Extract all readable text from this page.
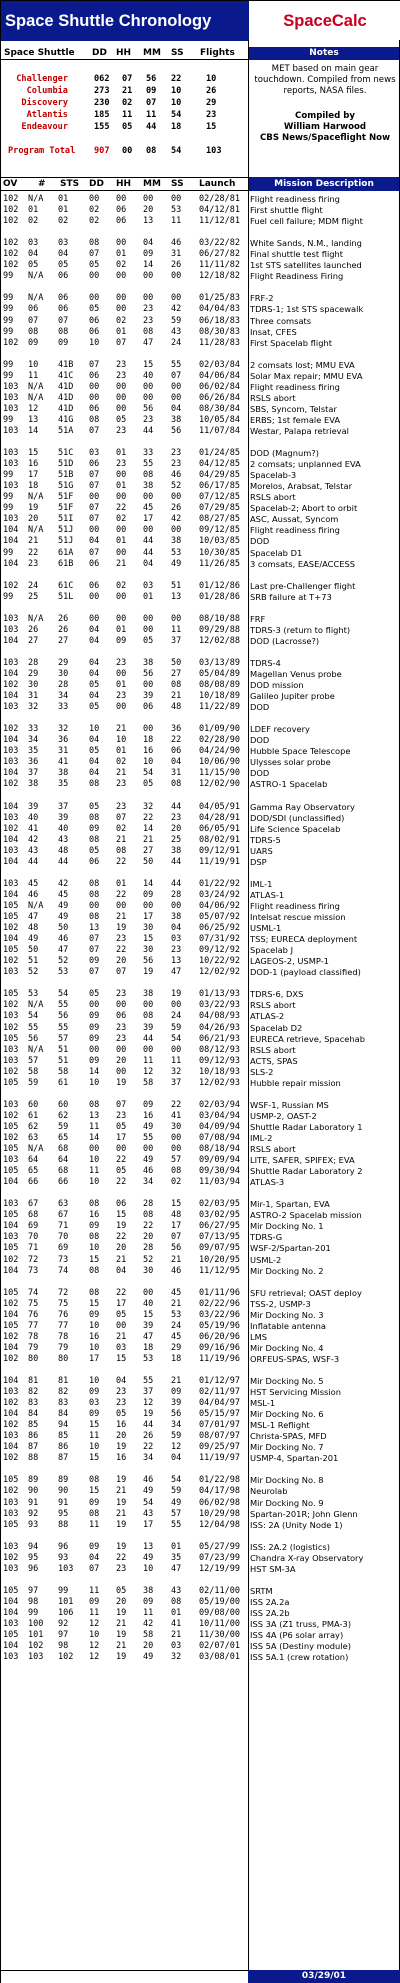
Space Shuttle Chronology	SpaceCalc
Space Shuttle DD HH MM SS Flights	Notes
Challenger	062 07 56 22	10
Columbia	273 21 09 10	26
Discovery	230 02 07 10	29
Atlantis	185 11 11 54	23
Endeavour	155 05 44 18	15
Program Total 907 00 08 54	103
MET based on main gear touchdown. Compiled from news reports, NASA files.
Compiled by
William Harwood
CBS News/Spaceflight Now
OV # STS DD HH MM SS Launch	Mission Description
102 N/A 01 00 00 00 00 02/28/81 Flight readiness firing
102 01 01 02 06 20 53 04/12/81 First shuttle flight
102 02 02 02 06 13 11 11/12/81 Fuel cell failure; MDM flight
102 03 03 08 00 04 46 03/22/82 White Sands, N.M., landing
102 04 04 07 01 09 31 06/27/82 Final shuttle test flight
102 05 05 05 02 14 26 11/11/82 1st STS satellites launched
99 N/A 06 00 00 00 00 12/18/82 Flight Readiness Firing
99 N/A 06 00 00 00 00 01/25/83 FRF-2
99 06 06 05 00 23 42 04/04/83 TDRS-1; 1st STS spacewalk
99 07 07 06 02 23 59 06/18/83 Three comsats
99 08 08 06 01 08 43 08/30/83 Insat, CFES
102 09 09 10 07 47 24 11/28/83 First Spacelab flight
99 10 41B 07 23 15 55 02/03/84 2 comsats lost; MMU EVA
99 11 41C 06 23 40 07 04/06/84 Solar Max repair; MMU EVA
103 N/A 41D 00 00 00 00 06/02/84 Flight readiness firing
103 N/A 41D 00 00 00 00 06/26/84 RSLS abort
103 12 41D 06 00 56 04 08/30/84 SBS, Syncom, Telstar
99 13 41G 08 05 23 38 10/05/84 ERBS; 1st female EVA
103 14 51A 07 23 44 56 11/07/84 Westar, Palapa retrieval
103 15 51C 03 01 33 23 01/24/85 DOD (Magnum?)
103 16 51D 06 23 55 23 04/12/85 2 comsats; unplanned EVA
99 17 51B 07 00 08 46 04/29/85 Spacelab-3
103 18 51G 07 01 38 52 06/17/85 Morelos, Arabsat, Telstar
99 N/A 51F 00 00 00 00 07/12/85 RSLS abort
99 19 51F 07 22 45 26 07/29/85 Spacelab-2; Abort to orbit
103 20 51I 07 02 17 42 08/27/85 ASC, Aussat, Syncom
104 N/A 51J 00 00 00 00 09/12/85 Flight readiness firing
104 21 51J 04 01 44 38 10/03/85 DOD
99 22 61A 07 00 44 53 10/30/85 Spacelab D1
104 23 61B 06 21 04 49 11/26/85 3 comsats, EASE/ACCESS
102 24 61C 06 02 03 51 01/12/86 Last pre-Challenger flight
99 25 51L 00 00 01 13 01/28/86 SRB failure at T+73
103 N/A 26 00 00 00 00 08/10/88 FRF
103 26 26 04 01 00 11 09/29/88 TDRS-3 (return to flight)
104 27 27 04 09 05 37 12/02/88 DOD (Lacrosse?)
103 28 29 04 23 38 50 03/13/89 TDRS-4
104 29 30 04 00 56 27 05/04/89 Magellan Venus probe
102 30 28 05 01 00 08 08/08/89 DOD mission
104 31 34 04 23 39 21 10/18/89 Galileo Jupiter probe
103 32 33 05 00 06 48 11/22/89 DOD
102 33 32 10 21 00 36 01/09/90 LDEF recovery
104 34 36 04 10 18 22 02/28/90 DOD
103 35 31 05 01 16 06 04/24/90 Hubble Space Telescope
103 36 41 04 02 10 04 10/06/90 Ulysses solar probe
104 37 38 04 21 54 31 11/15/90 DOD
102 38 35 08 23 05 08 12/02/90 ASTRO-1 Spacelab
104 39 37 05 23 32 44 04/05/91 Gamma Ray Observatory
103 40 39 08 07 22 23 04/28/91 DOD/SDI (unclassified)
102 41 40 09 02 14 20 06/05/91 Life Science Spacelab
104 42 43 08 21 21 25 08/02/91 TDRS-5
103 43 48 05 08 27 38 09/12/91 UARS
104 44 44 06 22 50 44 11/19/91 DSP
103 45 42 08 01 14 44 01/22/92 IML-1
104 46 45 08 22 09 28 03/24/92 ATLAS-1
105 N/A 49 00 00 00 00 04/06/92 Flight readiness firing
105 47 49 08 21 17 38 05/07/92 Intelsat rescue mission
102 48 50 13 19 30 04 06/25/92 USML-1
104 49 46 07 23 15 03 07/31/92 TSS; EURECA deployment
105 50 47 07 22 30 23 09/12/92 Spacelab J
102 51 52 09 20 56 13 10/22/92 LAGEOS-2, USMP-1
103 52 53 07 07 19 47 12/02/92 DOD-1 (payload classified)
105 53 54 05 23 38 19 01/13/93 TDRS-6, DXS
102 N/A 55 00 00 00 00 03/22/93 RSLS abort
103 54 56 09 06 08 24 04/08/93 ATLAS-2
102 55 55 09 23 39 59 04/26/93 Spacelab D2
105 56 57 09 23 44 54 06/21/93 EURECA retrieve, Spacehab
103 N/A 51 00 00 00 00 08/12/93 RSLS abort
103 57 51 09 20 11 11 09/12/93 ACTS, SPAS
102 58 58 14 00 12 32 10/18/93 SLS-2
105 59 61 10 19 58 37 12/02/93 Hubble repair mission
103 60 60 08 07 09 22 02/03/94 WSF-1, Russian MS
102 61 62 13 23 16 41 03/04/94 USMP-2, OAST-2
105 62 59 11 05 49 30 04/09/94 Shuttle Radar Laboratory 1
102 63 65 14 17 55 00 07/08/94 IML-2
105 N/A 68 00 00 00 00 08/18/94 RSLS abort
103 64 64 10 22 49 57 09/09/94 LITE, SAFER, SPIFEX; EVA
105 65 68 11 05 46 08 09/30/94 Shuttle Radar Laboratory 2
104 66 66 10 22 34 02 11/03/94 ATLAS-3
103 67 63 08 06 28 15 02/03/95 Mir-1, Spartan, EVA
105 68 67 16 15 08 48 03/02/95 ASTRO-2 Spacelab mission
104 69 71 09 19 22 17 06/27/95 Mir Docking No. 1
103 70 70 08 22 20 07 07/13/95 TDRS-G
105 71 69 10 20 28 56 09/07/95 WSF-2/Spartan-201
102 72 73 15 21 52 21 10/20/95 USML-2
104 73 74 08 04 30 46 11/12/95 Mir Docking No. 2
105 74 72 08 22 00 45 01/11/96 SFU retrieval; OAST deploy
102 75 75 15 17 40 21 02/22/96 TSS-2, USMP-3
104 76 76 09 05 15 53 03/22/96 Mir Docking No. 3
105 77 77 10 00 39 24 05/19/96 Inflatable antenna
102 78 78 16 21 47 45 06/20/96 LMS
104 79 79 10 03 18 29 09/16/96 Mir Docking No. 4
102 80 80 17 15 53 18 11/19/96 ORFEUS-SPAS, WSF-3
104 81 81 10 04 55 21 01/12/97 Mir Docking No. 5
103 82 82 09 23 37 09 02/11/97 HST Servicing Mission
102 83 83 03 23 12 39 04/04/97 MSL-1
104 84 84 09 05 19 56 05/15/97 Mir Docking No. 6
102 85 94 15 16 44 34 07/01/97 MSL-1 Reflight
103 86 85 11 20 26 59 08/07/97 Christa-SPAS, MFD
104 87 86 10 19 22 12 09/25/97 Mir Docking No. 7
102 88 87 15 16 34 04 11/19/97 USMP-4, Spartan-201
105 89 89 08 19 46 54 01/22/98 Mir Docking No. 8
102 90 90 15 21 49 59 04/17/98 Neurolab
103 91 91 09 19 54 49 06/02/98 Mir Docking No. 9
103 92 95 08 21 43 57 10/29/98 Spartan-201R; John Glenn
105 93 88 11 19 17 55 12/04/98 ISS: 2A (Unity Node 1)
103 94 96 09 19 13 01 05/27/99 ISS: 2A.2 (logistics)
102 95 93 04 22 49 35 07/23/99 Chandra X-ray Observatory
103 96 103 07 23 10 47 12/19/99 HST SM-3A
105 97 99 11 05 38 43 02/11/00 SRTM
104 98 101 09 20 09 08 05/19/00 ISS 2A.2a
104 99 106 11 19 11 01 09/08/00 ISS 2A.2b
103 100 92 12 21 42 41 10/11/00 ISS 3A (Z1 truss, PMA-3)
105 101 97 10 19 58 21 11/30/00 ISS 4A (P6 solar array)
104 102 98 12 21 20 03 02/07/01 ISS 5A (Destiny module)
103 103 102 12 19 49 32 03/08/01 ISS 5A.1 (crew rotation)
03/29/01
